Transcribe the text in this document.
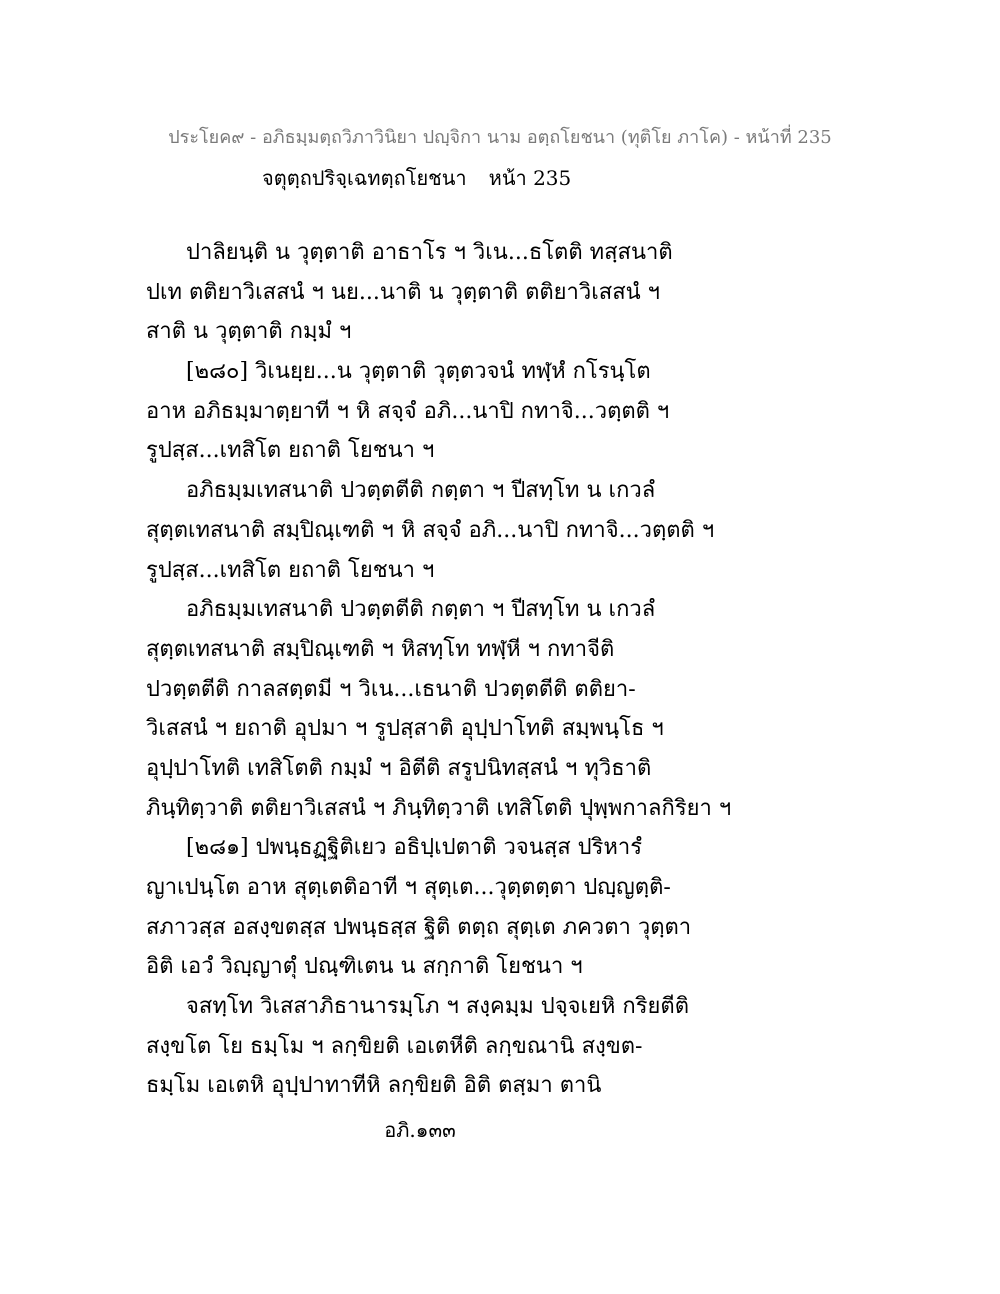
ประโยค๙ - อภิธมฺมตฺถวิภาวินิยา ปญฺจิกา นาม อตฺถโยชนา (ทุติโย ภาโค) - หน้าที่ 235
จตุตฺถปริจฺเฉทตฺถโยชนา หน้า 235
ปาลิยนฺติ น วุตฺตาติ อาธาโร ฯ วิเน...ธโตติ ทสฺสนาติ
ปเท ตติยาวิเสสนํ ฯ นย...นาติ น วุตฺตาติ ตติยาวิเสสนํ ฯ
สาติ น วุตฺตาติ กมฺมํ ฯ
[๒๘๐] วิเนยฺย...น วุตฺตาติ วุตฺตวจนํ ทฬฺหํ กโรนฺโต
อาห อภิธมฺมาตฺยาที ฯ หิ สจฺจํ อภิ...นาปิ กทาจิ...วตฺตติ ฯ
รูปสฺส...เทสิโต ยถาติ โยชนา ฯ
อภิธมฺมเทสนาติ ปวตฺตตีติ กตฺตา ฯ ปีสทฺโท น เกวลํ
สุตฺตเทสนาติ สมฺปิณฺเฑติ ฯ หิ สจฺจํ อภิ...นาปิ กทาจิ...วตฺตติ ฯ
รูปสฺส...เทสิโต ยถาติ โยชนา ฯ
อภิธมฺมเทสนาติ ปวตฺตตีติ กตฺตา ฯ ปีสทฺโท น เกวลํ
สุตฺตเทสนาติ สมฺปิณฺเฑติ ฯ หิสทฺโท ทฬฺหี ฯ กทาจีติ
ปวตฺตตีติ กาลสตฺตมี ฯ วิเน...เธนาติ ปวตฺตตีติ ตติยา-
วิเสสนํ ฯ ยถาติ อุปมา ฯ รูปสฺสาติ อุปฺปาโทติ สมฺพนฺโธ ฯ
อุปฺปาโทติ เทสิโตติ กมฺมํ ฯ อิตีติ สรูปนิทสฺสนํ ฯ ทุวิธาติ
ภินฺทิตฺวาติ ตติยาวิเสสนํ ฯ ภินฺทิตฺวาติ เทสิโตติ ปุพฺพกาลกิริยา ฯ
[๒๘๑] ปพนฺธฏฺฐิติเยว อธิปฺเปตาติ วจนสฺส ปริหารํ
ญาเปนฺโต อาห สุตฺเตติอาที ฯ สุตฺเต...วุตฺตตฺตา ปญฺญตฺติ-
สภาวสฺส อสงฺขตสฺส ปพนฺธสฺส ฐิติ ตตฺถ สุตฺเต ภควตา วุตฺตา
อิติ เอวํ วิญฺญาตุํ ปณฺฑิเตน น สกฺกาติ โยชนา ฯ
จสทฺโท วิเสสาภิธานารมฺโภ ฯ สงฺคมฺม ปจฺจเยหิ กริยตีติ
สงฺขโต โย ธมฺโม ฯ ลกฺขิยติ เอเตหีติ ลกฺขณานิ สงฺขต-
ธมฺโม เอเตหิ อุปฺปาทาทีหิ ลกฺขิยติ อิติ ตสฺมา ตานิ
อภิ.๑๓๓
